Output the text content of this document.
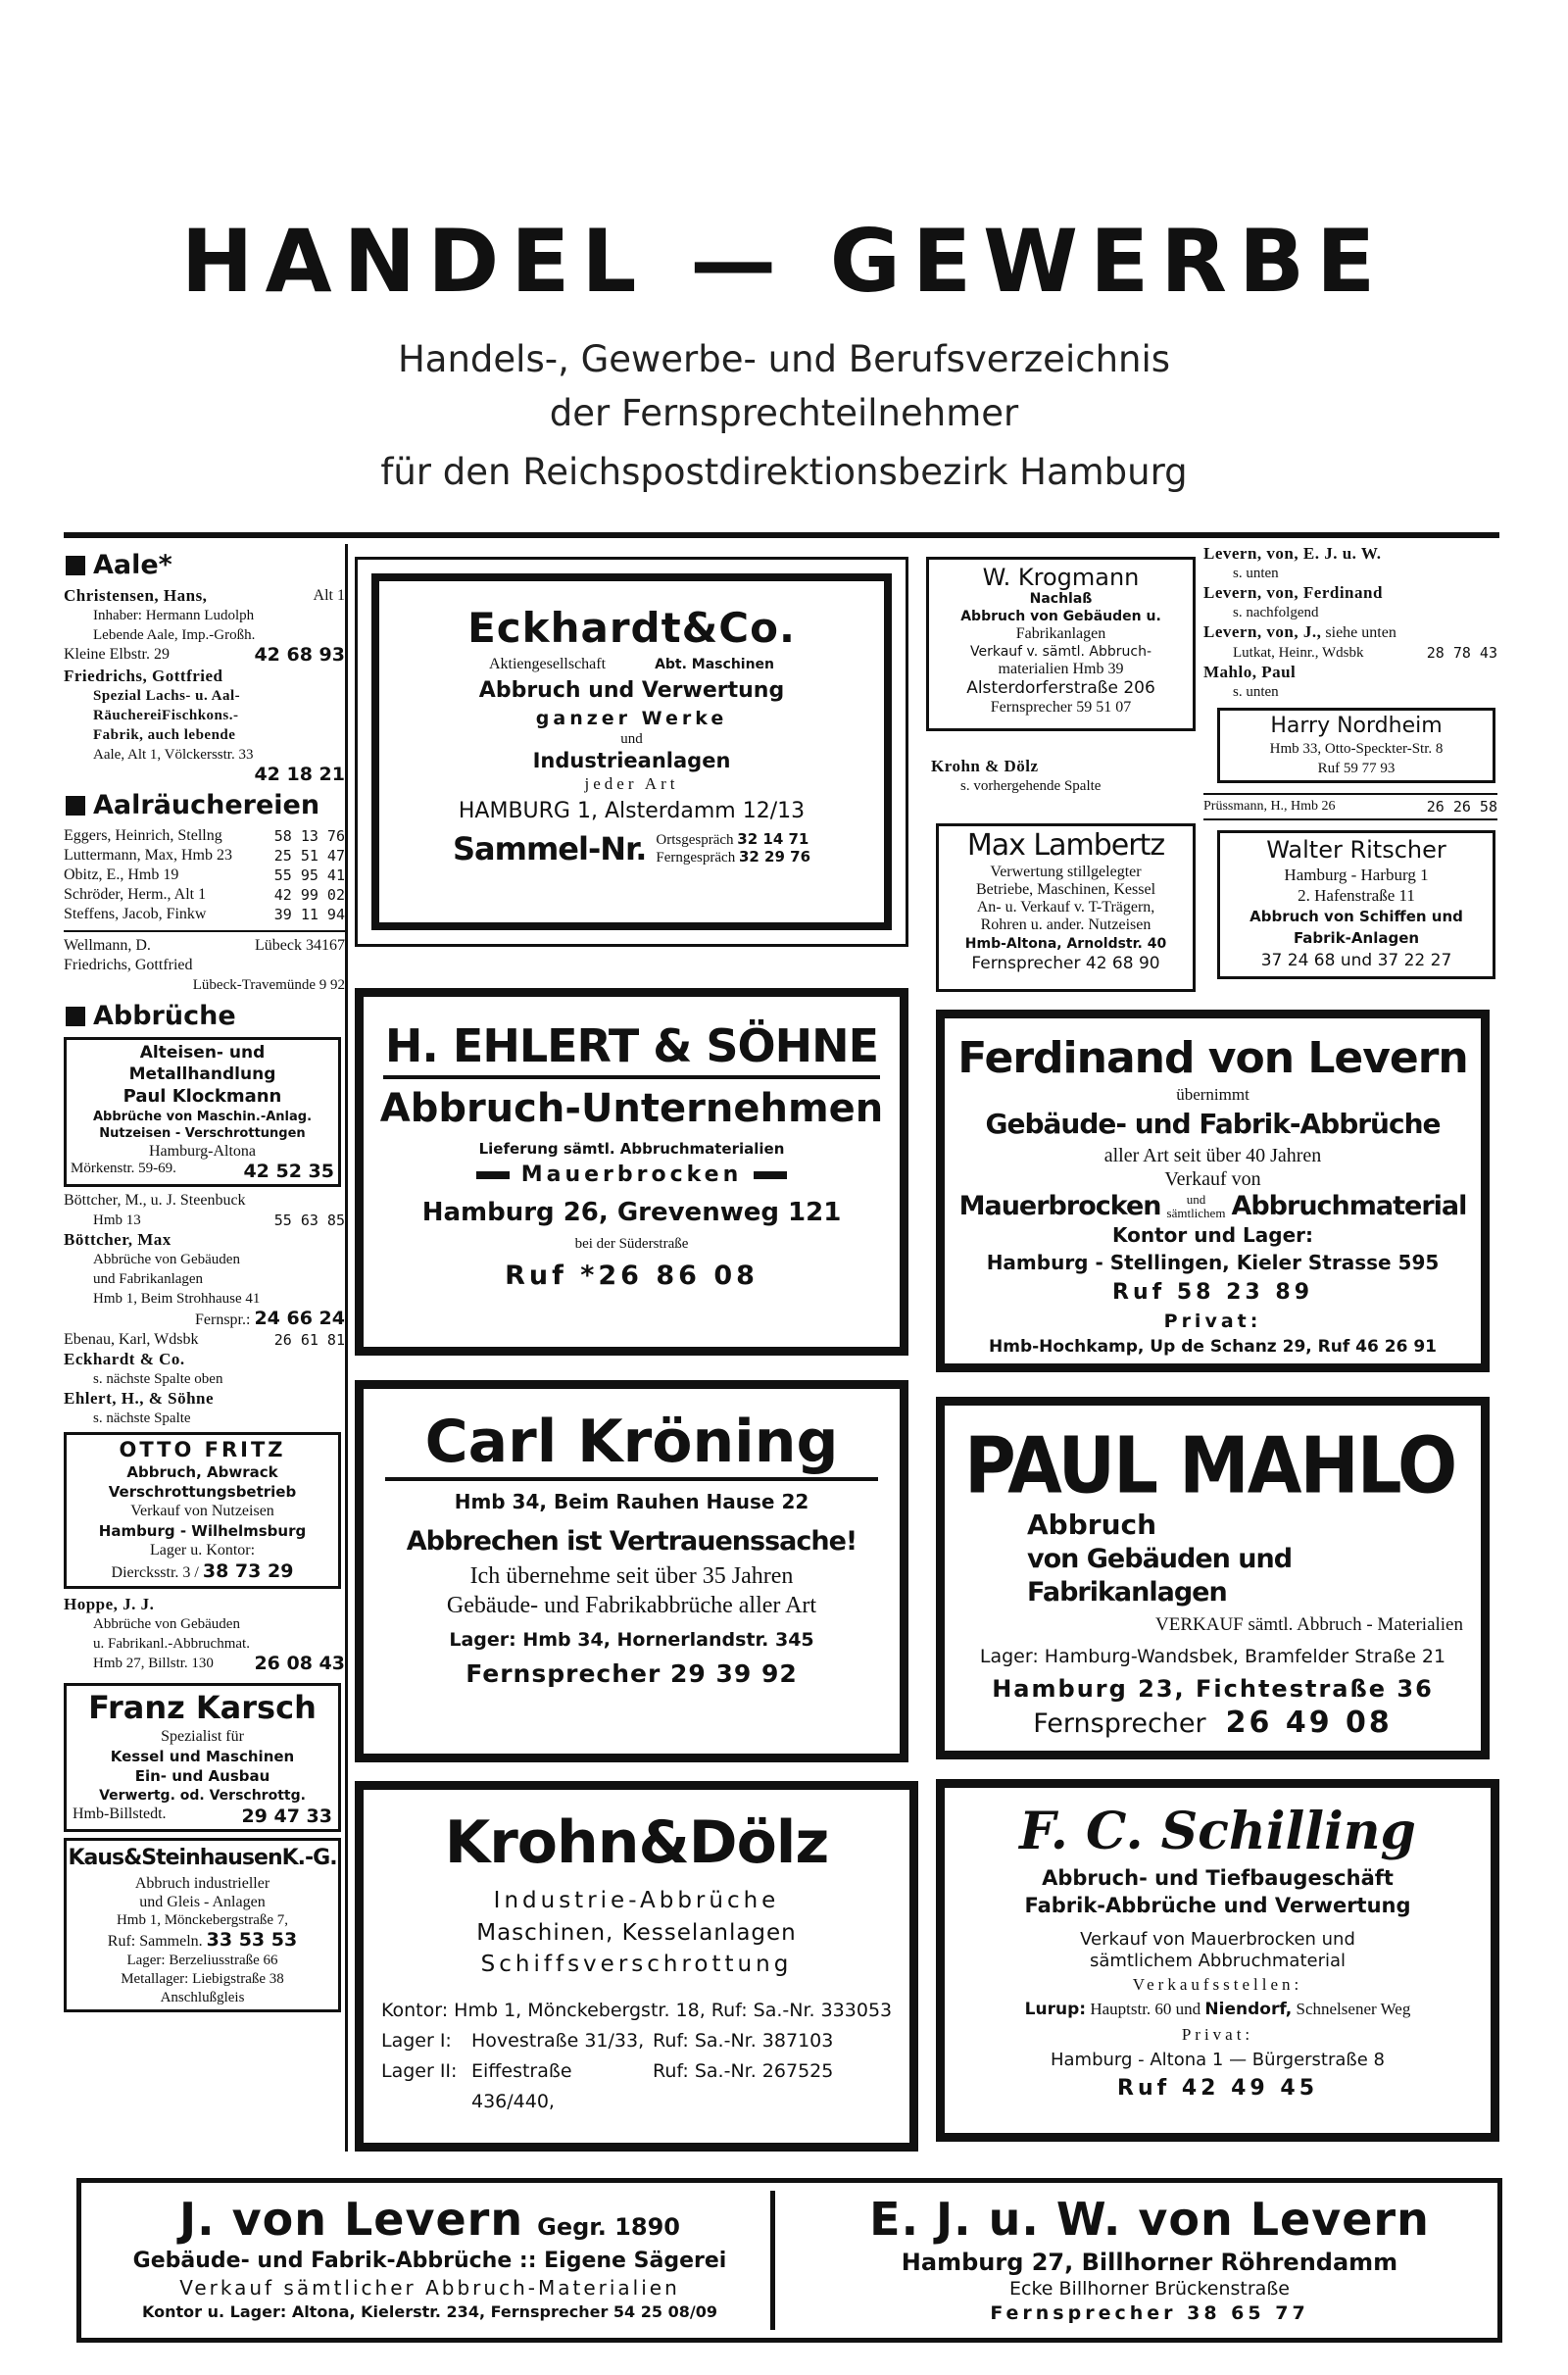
HANDEL — GEWERBE
Handels-, Gewerbe- und Berufsverzeichnis
der Fernsprechteilnehmer
für den Reichspostdirektionsbezirk Hamburg
Aale*
Christensen, Hans,	Alt 1
Inhaber: Hermann Ludolph
Lebende Aale, Imp.-Großh.
Kleine Elbstr. 29	42 68 93
Friedrichs, Gottfried
Spezial Lachs- u. Aal-
RäuchereiFischkons.-
Fabrik, auch lebende
Aale, Alt 1, Völckersstr. 33
42 18 21
Aalräuchereien
Eggers, Heinrich, Stellng	58 13 76
Luttermann, Max, Hmb 23	25 51 47
Obitz, E., Hmb 19	55 95 41
Schröder, Herm., Alt 1	42 99 02
Steffens, Jacob, Finkw	39 11 94
Wellmann, D.	Lübeck 34167
Friedrichs, Gottfried
Lübeck-Travemünde 9 92
Abbrüche
Alteisen- und Metallhandlung
Paul Klockmann
Abbrüche von Maschin.-Anlag.
Nutzeisen - Verschrottungen
Hamburg-Altona
Mörkenstr. 59-69.	42 52 35
Böttcher, M., u. J. Steenbuck
Hmb 13	55 63 85
Böttcher, Max
Abbrüche von Gebäuden
und Fabrikanlagen
Hmb 1, Beim Strohhause 41
Fernspr.: 24 66 24
Ebenau, Karl, Wdsbk	26 61 81
Eckhardt & Co.
s. nächste Spalte oben
Ehlert, H., & Söhne
s. nächste Spalte
OTTO FRITZ
Abbruch, Abwrack
Verschrottungsbetrieb
Verkauf von Nutzeisen
Hamburg - Wilhelmsburg
Lager u. Kontor:
Diercksstr. 3 / 38 73 29
Hoppe, J. J.
Abbrüche von Gebäuden
u. Fabrikanl.-Abbruchmat.
Hmb 27, Billstr. 130 26 08 43
Franz Karsch
Spezialist für
Kessel und Maschinen
Ein- und Ausbau
Verwertg. od. Verschrottg.
Hmb-Billstedt.	29 47 33
Kaus&SteinhausenK.-G.
Abbruch industrieller
und Gleis - Anlagen
Hmb 1, Mönckebergstraße 7,
Ruf: Sammeln. 33 53 53
Lager: Berzeliusstraße 66
Metallager: Liebigstraße 38
Anschlußgleis
Eckhardt&Co.
Aktiengesellschaft	Abt. Maschinen
Abbruch und Verwertung
ganzer Werke
und
Industrieanlagen
jeder Art
HAMBURG 1, Alsterdamm 12/13
Sammel-Nr. Ortsgespräch 32 14 71
Ferngespräch 32 29 76
H. EHLERT & SÖHNE
Abbruch-Unternehmen
Lieferung sämtl. Abbruchmaterialien
Mauerbrocken
Hamburg 26, Grevenweg 121
bei der Süderstraße
Ruf *26 86 08
Carl Kröning
Hmb 34, Beim Rauhen Hause 22
Abbrechen ist Vertrauenssache!
Ich übernehme seit über 35 Jahren
Gebäude- und Fabrikabbrüche aller Art
Lager: Hmb 34, Hornerlandstr. 345
Fernsprecher 29 39 92
Krohn&Dölz
Industrie-Abbrüche
Maschinen, Kesselanlagen
Schiffsverschrottung
Kontor: Hmb 1, Mönckebergstr. 18, Ruf: Sa.-Nr. 333053
Lager I:	Hovestraße 31/33, Ruf: Sa.-Nr. 387103
Lager II: Eiffestraße 436/440,
Ruf: Sa.-Nr. 267525
W. Krogmann
Nachlaß
Abbruch von Gebäuden u.
Fabrikanlagen
Verkauf v. sämtl. Abbruch-
materialien Hmb 39
Alsterdorferstraße 206
Fernsprecher 59 51 07
Krohn & Dölz
s. vorhergehende Spalte
Max Lambertz
Verwertung stillgelegter
Betriebe, Maschinen, Kessel
An- u. Verkauf v. T-Trägern,
Rohren u. ander. Nutzeisen
Hmb-Altona, Arnoldstr. 40
Fernsprecher 42 68 90
Levern, von, E. J. u. W.
s. unten
Levern, von, Ferdinand
s. nachfolgend
Levern, von, J., siehe unten
Lutkat, Heinr., Wdsbk	28 78 43
Mahlo, Paul
s. unten
Harry Nordheim
Hmb 33, Otto-Speckter-Str. 8
Ruf 59 77 93
Prüssmann, H., Hmb 26	26 26 58
Walter Ritscher
Hamburg - Harburg 1
2. Hafenstraße 11
Abbruch von Schiffen und
Fabrik-Anlagen
37 24 68 und 37 22 27
Ferdinand von Levern
übernimmt
Gebäude- und Fabrik-Abbrüche
aller Art seit über 40 Jahren
Verkauf von
Mauerbrocken	und
sämtlichem Abbruchmaterial
Kontor und Lager:
Hamburg - Stellingen, Kieler Strasse 595
Ruf 58 23 89
Privat:
Hmb-Hochkamp, Up de Schanz 29, Ruf 46 26 91
PAUL MAHLO
Abbruch
von Gebäuden und Fabrikanlagen
VERKAUF sämtl. Abbruch - Materialien
Lager: Hamburg-Wandsbek, Bramfelder Straße 21
Hamburg 23, Fichtestraße 36
Fernsprecher 26 49 08
F. C. Schilling
Abbruch- und Tiefbaugeschäft
Fabrik-Abbrüche und Verwertung
Verkauf von Mauerbrocken und
sämtlichem Abbruchmaterial
Verkaufsstellen:
Lurup: Hauptstr. 60 und Niendorf, Schnelsener Weg
Privat:
Hamburg - Altona 1 — Bürgerstraße 8
Ruf 42 49 45
J. von Levern Gegr. 1890
Gebäude- und Fabrik-Abbrüche :: Eigene Sägerei
Verkauf sämtlicher Abbruch-Materialien
Kontor u. Lager: Altona, Kielerstr. 234, Fernsprecher 54 25 08/09
E. J. u. W. von Levern
Hamburg 27, Billhorner Röhrendamm
Ecke Billhorner Brückenstraße
Fernsprecher 38 65 77
